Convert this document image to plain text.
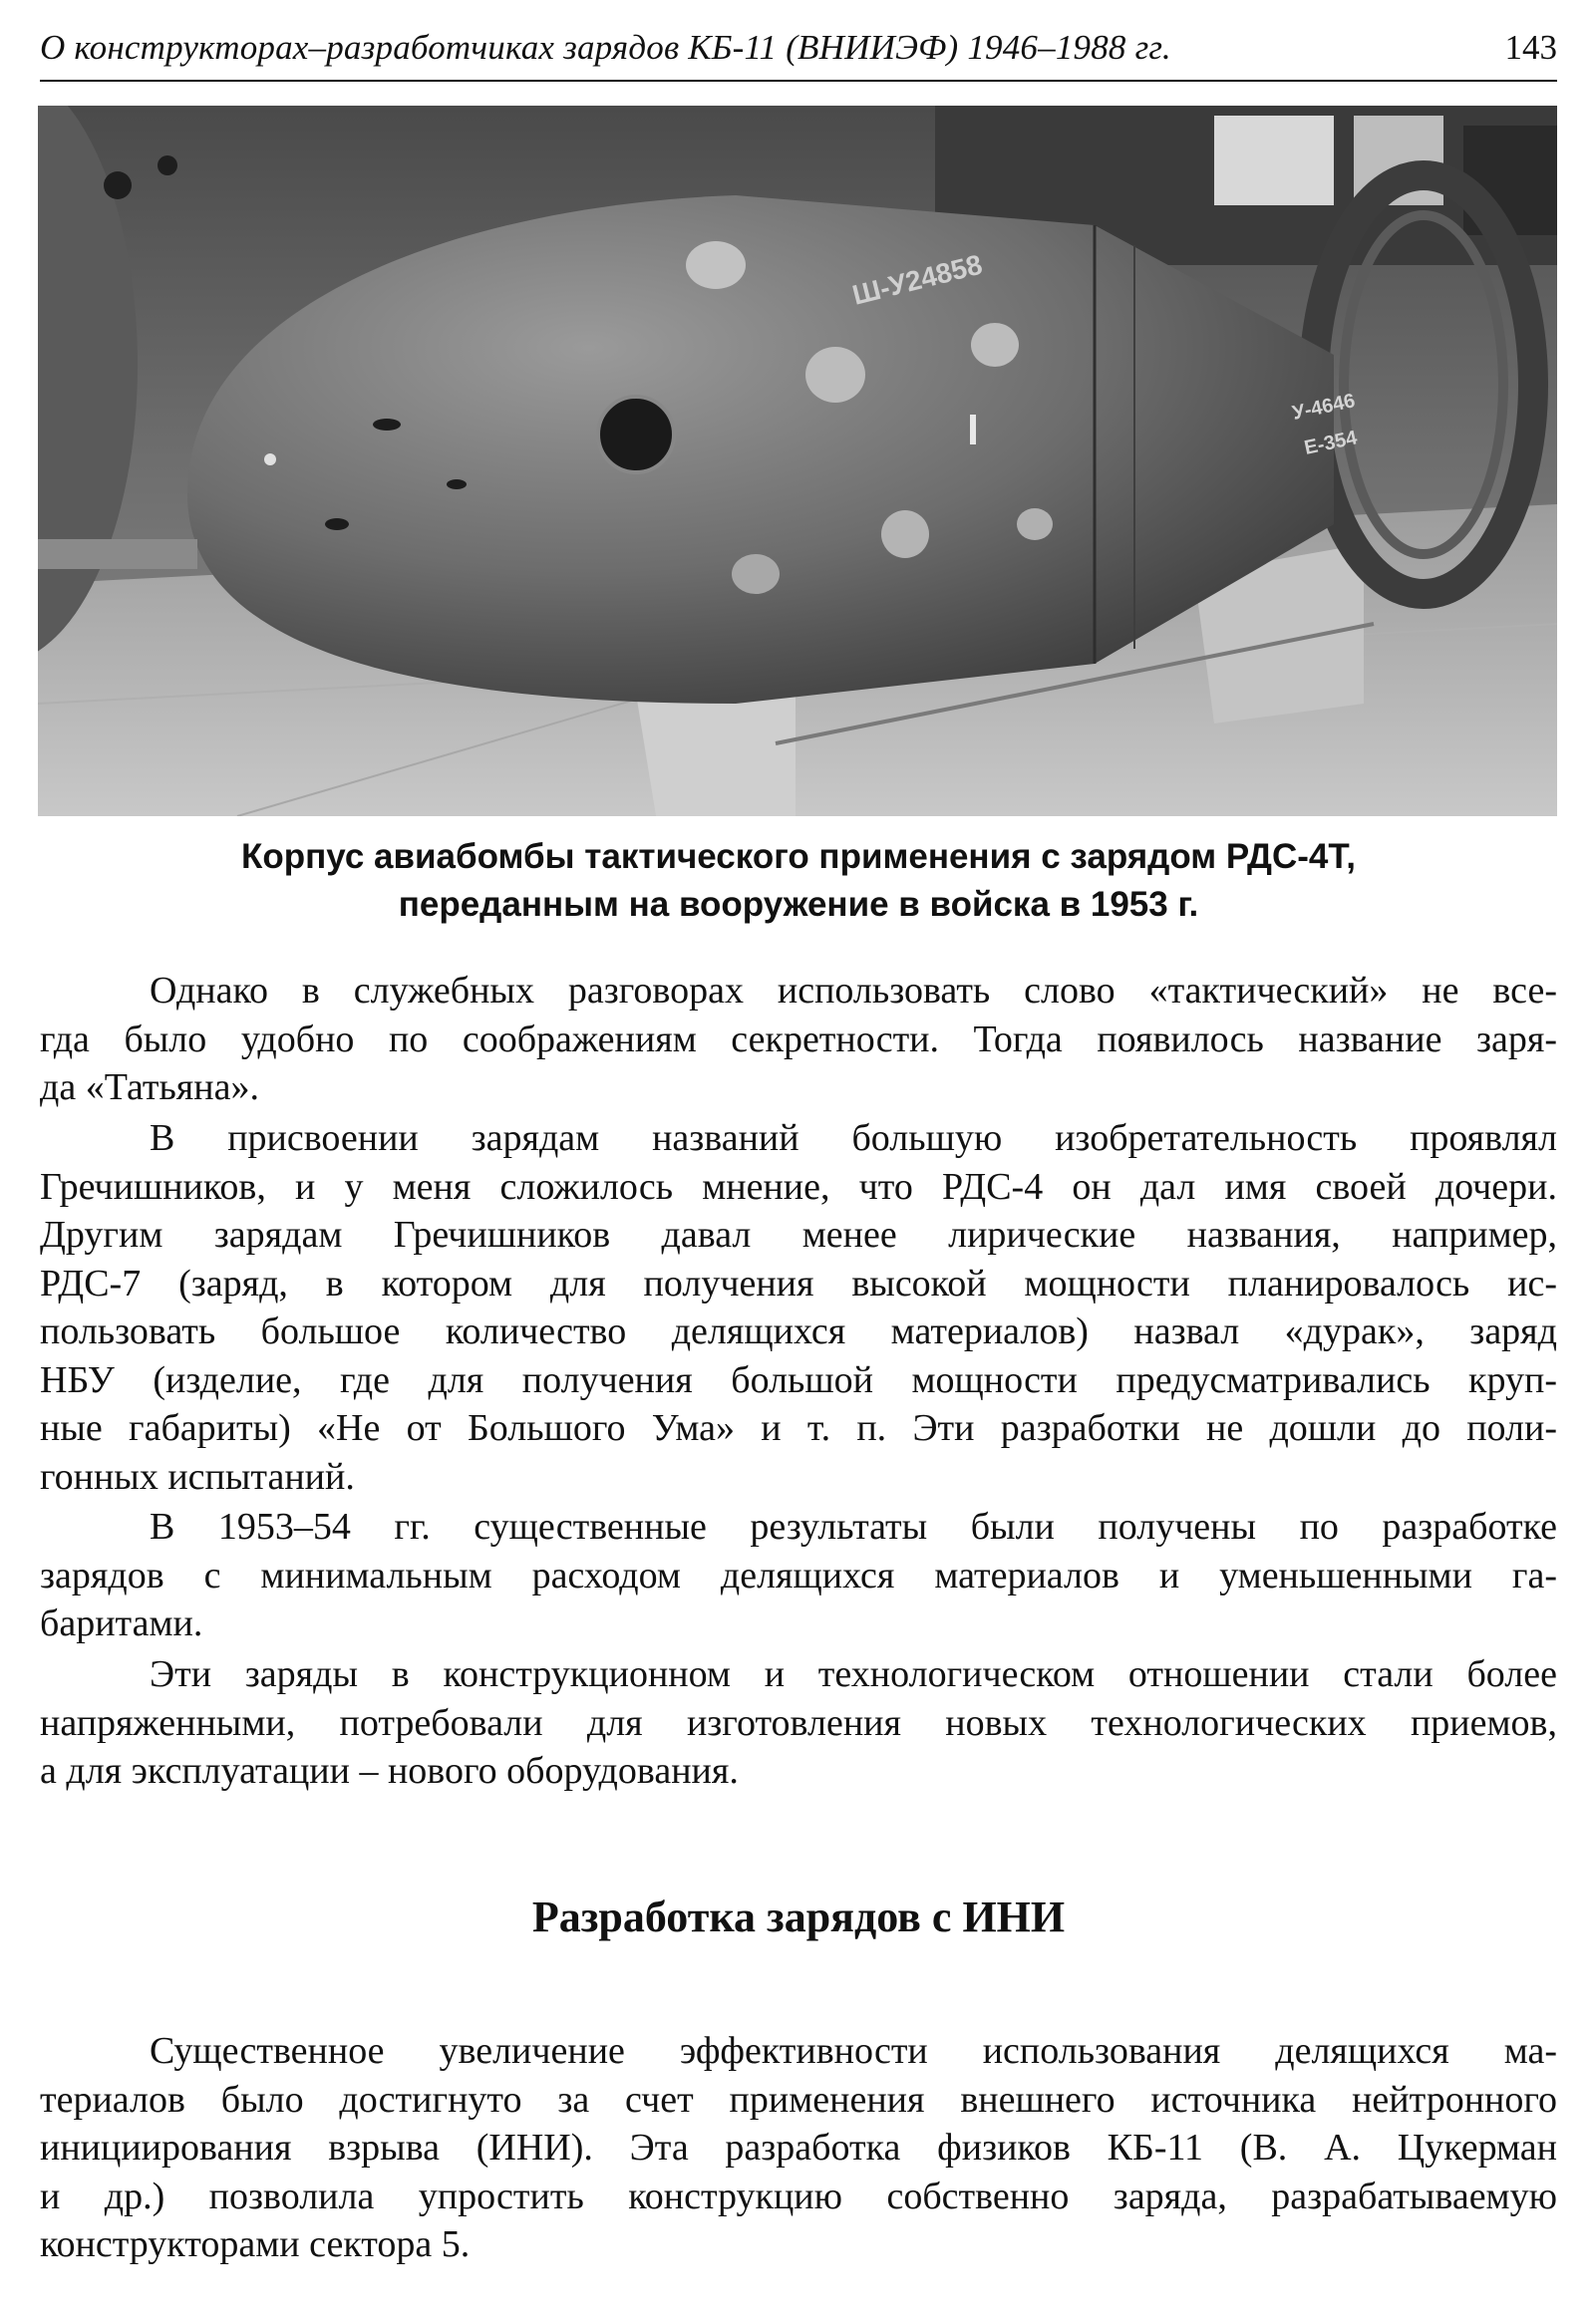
О конструкторах–разработчиках зарядов КБ-11 (ВНИИЭФ) 1946–1988 гг.	143
Ш-У24858
У-4646
Е-354
Корпус авиабомбы тактического применения с зарядом РДС-4Т,
переданным на вооружение в войска в 1953 г.
Однако в служебных разговорах использовать слово «тактический» не все-
гда было удобно по соображениям секретности. Тогда появилось название заря-
да «Татьяна».
В присвоении зарядам названий большую изобретательность проявлял
Гречишников, и у меня сложилось мнение, что РДС-4 он дал имя своей дочери.
Другим зарядам Гречишников давал менее лирические названия, например,
РДС-7 (заряд, в котором для получения высокой мощности планировалось ис-
пользовать большое количество делящихся материалов) назвал «дурак», заряд
НБУ (изделие, где для получения большой мощности предусматривались круп-
ные габариты) «Не от Большого Ума» и т. п. Эти разработки не дошли до поли-
гонных испытаний.
В 1953–54 гг. существенные результаты были получены по разработке
зарядов с минимальным расходом делящихся материалов и уменьшенными га-
баритами.
Эти заряды в конструкционном и технологическом отношении стали более
напряженными, потребовали для изготовления новых технологических приемов,
а для эксплуатации – нового оборудования.
Разработка зарядов с ИНИ
Существенное увеличение эффективности использования делящихся ма-
териалов было достигнуто за счет применения внешнего источника нейтронного
инициирования взрыва (ИНИ). Эта разработка физиков КБ-11 (В. А. Цукерман
и др.) позволила упростить конструкцию собственно заряда, разрабатываемую
конструкторами сектора 5.
